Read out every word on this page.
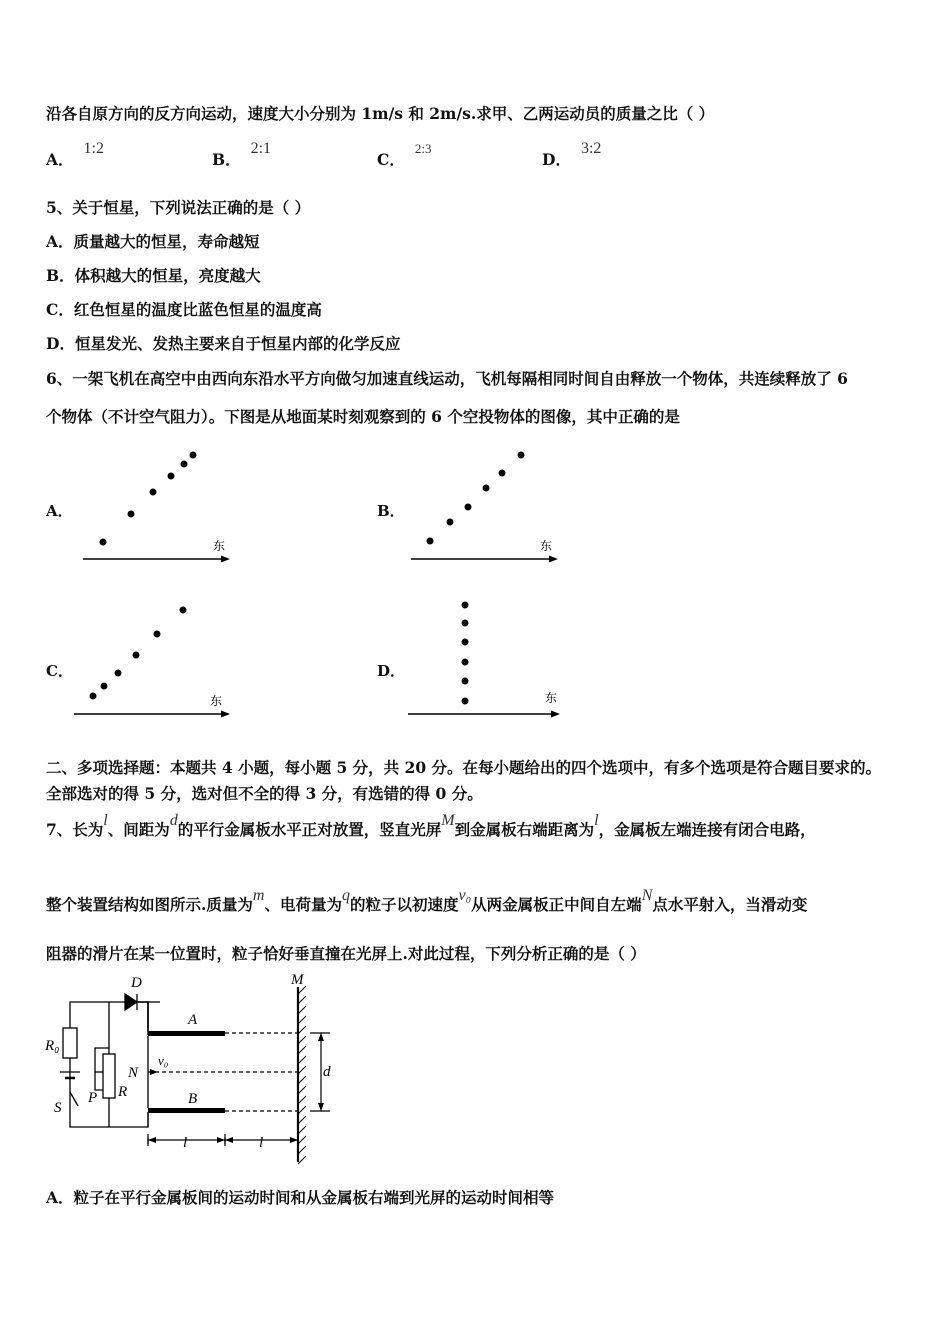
沿各自原方向的反方向运动，速度大小分别为 1m/s 和 2m/s.求甲、乙两运动员的质量之比（ ）
A．1:2
B．2:1
C．$^{2:3}$
D．3:2
5、关于恒星，下列说法正确的是（ ）
A．质量越大的恒星，寿命越短
B．体积越大的恒星，亮度越大
C．红色恒星的温度比蓝色恒星的温度高
D．恒星发光、发热主要来自于恒星内部的化学反应
6、一架飞机在高空中由西向东沿水平方向做匀加速直线运动，飞机每隔相同时间自由释放一个物体，共连续释放了 6
个物体（不计空气阻力）。下图是从地面某时刻观察到的 6 个空投物体的图像，其中正确的是
A．	B．
C．	D．
东	东
东	东
二、多项选择题：本题共 4 小题，每小题 5 分，共 20 分。在每小题给出的四个选项中，有多个选项是符合题目要求的。
全部选对的得 5 分，选对但不全的得 3 分，有选错的得 0 分。
7、长为l、间距为d的平行金属板水平正对放置，竖直光屏M到金属板右端距离为l，金属板左端连接有闭合电路，
整个装置结构如图所示.质量为m、电荷量为q的粒子以初速度v₀从两金属板正中间自左端N点水平射入，当滑动变
阻器的滑片在某一位置时，粒子恰好垂直撞在光屏上.对此过程，下列分析正确的是（ ）
D
A
B
M
R₀
N
v₀
P R
S
d
l	l
A．粒子在平行金属板间的运动时间和从金属板右端到光屏的运动时间相等
